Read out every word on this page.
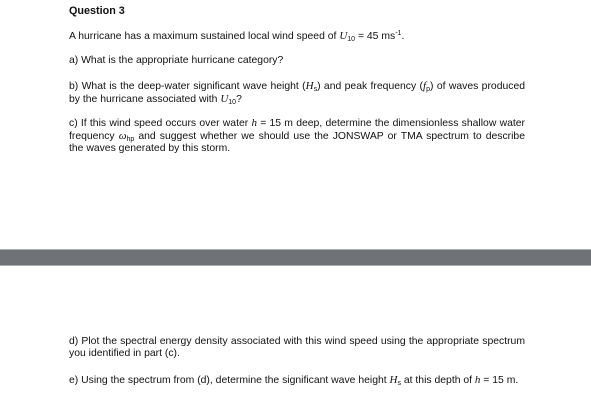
Question 3

A hurricane has a maximum sustained local wind speed of $U_{10} = 45$ $ms^{-1}$.

a) What is the appropriate hurricane category?

b) What is the deep-water significant wave height $(H_s)$ and peak frequency $(f_p)$ of waves produced by the hurricane associated with $U_{10}$?

c) If this wind speed occurs over water h = 15 m deep, determine the dimensionless shallow water frequency $\omega_{hp}$ and suggest whether we should use the JONSWAP or TMA spectrum to describe the waves generated by this storm.

d) Plot the spectral energy density associated with this wind speed using the appropriate spectrum you identified in part (c).

e) Using the spectrum from (d), determine the significant wave height $H_s$ at this depth of h = 15 m.
